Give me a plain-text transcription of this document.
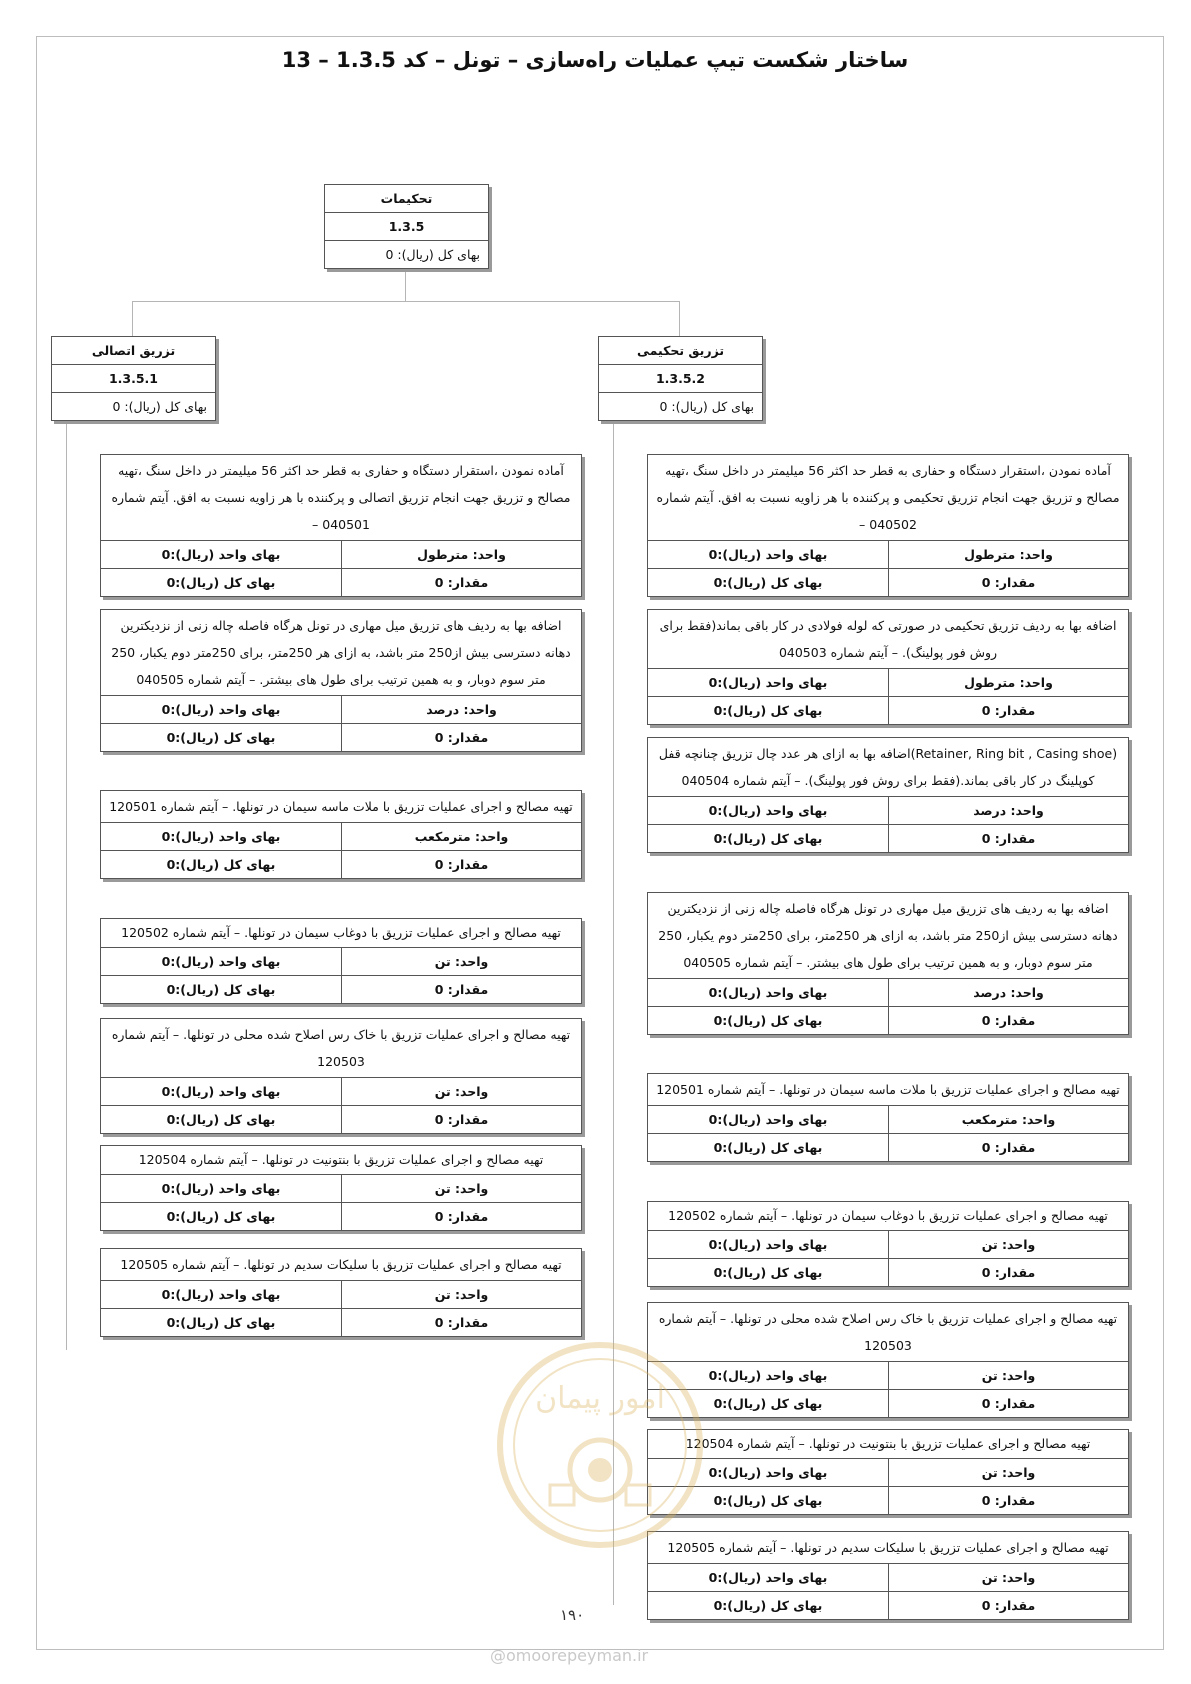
ساختار شکست تیپ عملیات راه‌سازی – تونل – کد 1.3.5 – 13
تحکیمات
1.3.5
بهای کل (ریال): 0
تزریق اتصالی
1.3.5.1
بهای کل (ریال): 0
تزریق تحکیمی
1.3.5.2
بهای کل (ریال): 0
آماده نمودن ،استقرار دستگاه و حفاری به قطر حد اکثر 56 میلیمتر در داخل سنگ ،تهیه مصالح و تزریق جهت انجام تزریق اتصالی و پرکننده با هر زاویه نسبت به افق. آیتم شماره 040501 –
واحد: مترطول
بهای واحد (ریال):0
مقدار: 0
بهای کل (ریال):0
اضافه بها به ردیف های تزریق میل مهاری در تونل هرگاه فاصله چاله زنی از نزدیکترین دهانه دسترسی بیش از250 متر باشد، به ازای هر 250متر، برای 250متر دوم یکبار، 250 متر سوم دوبار، و به همین ترتیب برای طول های بیشتر. – آیتم شماره 040505
واحد: درصد
بهای واحد (ریال):0
مقدار: 0
بهای کل (ریال):0
تهیه مصالح و اجرای عملیات تزریق با ملات ماسه سیمان در تونلها. – آیتم شماره 120501
واحد: مترمکعب
بهای واحد (ریال):0
مقدار: 0
بهای کل (ریال):0
تهیه مصالح و اجرای عملیات تزریق با دوغاب سیمان در تونلها. – آیتم شماره 120502
واحد: تن
بهای واحد (ریال):0
مقدار: 0
بهای کل (ریال):0
تهیه مصالح و اجرای عملیات تزریق با خاک رس اصلاح شده محلی در تونلها. – آیتم شماره 120503
واحد: تن
بهای واحد (ریال):0
مقدار: 0
بهای کل (ریال):0
تهیه مصالح و اجرای عملیات تزریق با بنتونیت در تونلها. – آیتم شماره 120504
واحد: تن
بهای واحد (ریال):0
مقدار: 0
بهای کل (ریال):0
تهیه مصالح و اجرای عملیات تزریق با سلیکات سدیم در تونلها. – آیتم شماره 120505
واحد: تن
بهای واحد (ریال):0
مقدار: 0
بهای کل (ریال):0
آماده نمودن ،استقرار دستگاه و حفاری به قطر حد اکثر 56 میلیمتر در داخل سنگ ،تهیه مصالح و تزریق جهت انجام تزریق تحکیمی و پرکننده با هر زاویه نسبت به افق. آیتم شماره 040502 –
واحد: مترطول
بهای واحد (ریال):0
مقدار: 0
بهای کل (ریال):0
اضافه بها به ردیف تزریق تحکیمی در صورتی که لوله فولادی در کار باقی بماند(فقط برای روش فور پولینگ). – آیتم شماره 040503
واحد: مترطول
بهای واحد (ریال):0
مقدار: 0
بهای کل (ریال):0
(Retainer, Ring bit , Casing shoe)اضافه بها به ازای هر عدد چال تزریق چنانچه قفل کوپلینگ در کار باقی بماند.(فقط برای روش فور پولینگ). – آیتم شماره 040504
واحد: درصد
بهای واحد (ریال):0
مقدار: 0
بهای کل (ریال):0
اضافه بها به ردیف های تزریق میل مهاری در تونل هرگاه فاصله چاله زنی از نزدیکترین دهانه دسترسی بیش از250 متر باشد، به ازای هر 250متر، برای 250متر دوم یکبار، 250 متر سوم دوبار، و به همین ترتیب برای طول های بیشتر. – آیتم شماره 040505
واحد: درصد
بهای واحد (ریال):0
مقدار: 0
بهای کل (ریال):0
تهیه مصالح و اجرای عملیات تزریق با ملات ماسه سیمان در تونلها. – آیتم شماره 120501
واحد: مترمکعب
بهای واحد (ریال):0
مقدار: 0
بهای کل (ریال):0
تهیه مصالح و اجرای عملیات تزریق با دوغاب سیمان در تونلها. – آیتم شماره 120502
واحد: تن
بهای واحد (ریال):0
مقدار: 0
بهای کل (ریال):0
تهیه مصالح و اجرای عملیات تزریق با خاک رس اصلاح شده محلی در تونلها. – آیتم شماره 120503
واحد: تن
بهای واحد (ریال):0
مقدار: 0
بهای کل (ریال):0
تهیه مصالح و اجرای عملیات تزریق با بنتونیت در تونلها. – آیتم شماره 120504
واحد: تن
بهای واحد (ریال):0
مقدار: 0
بهای کل (ریال):0
تهیه مصالح و اجرای عملیات تزریق با سلیکات سدیم در تونلها. – آیتم شماره 120505
واحد: تن
بهای واحد (ریال):0
مقدار: 0
بهای کل (ریال):0
امور پیمان
۱۹۰
@omoorepeyman.ir
